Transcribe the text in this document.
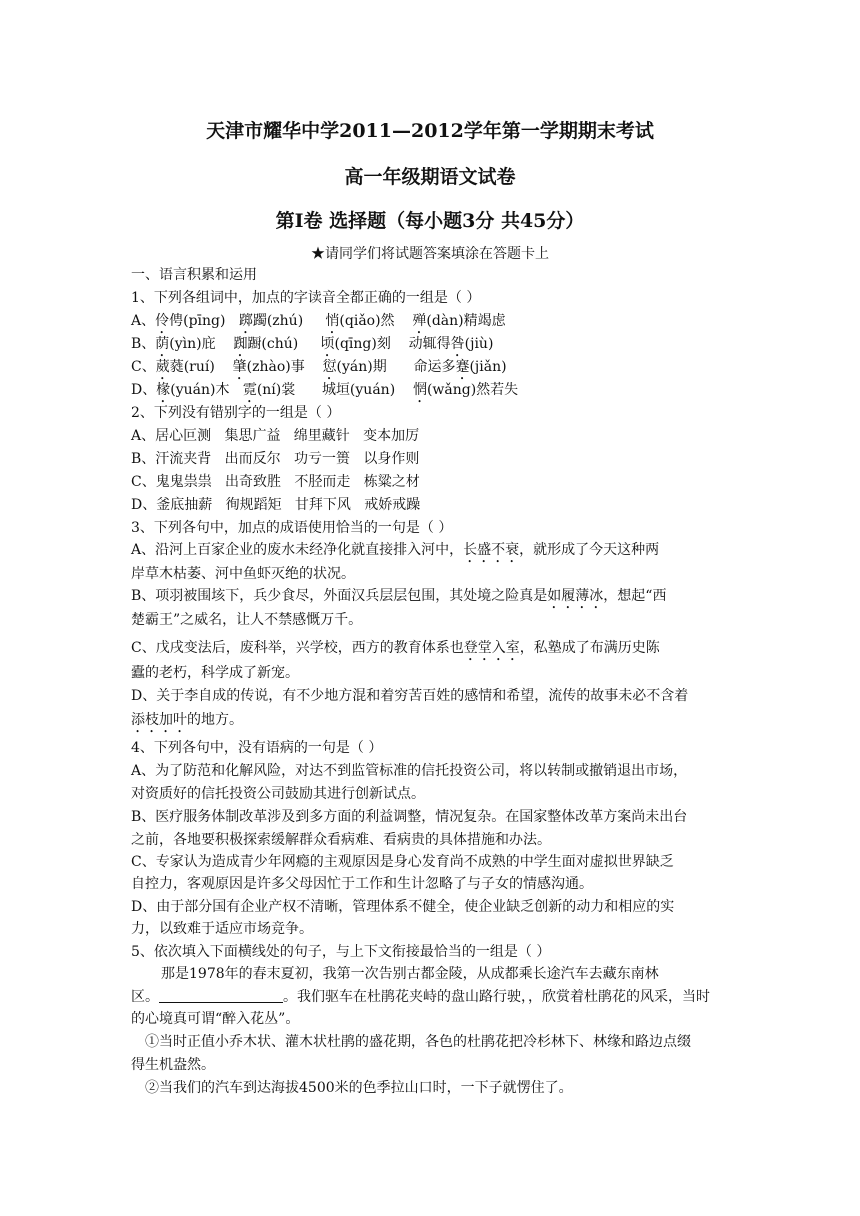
天津市耀华中学2011—2012学年第一学期期末考试
高一年级期语文试卷
第Ⅰ卷 选择题（每小题3分 共45分）
★请同学们将试题答案填涂在答题卡上
一、语言积累和运用
1、下列各组词中，加点的字读音全都正确的一组是（ ）
A、伶俜(pīng)   踯躅(zhú)     悄(qiǎo)然    殚(dàn)精竭虑
B、荫(yìn)庇    踟蹰(chú)     顷(qīng)刻    动辄得咎(jiù)
C、葳蕤(ruí)    肇(zhào)事    愆(yán)期      命运多蹇(jiǎn)
D、椽(yuán)木   霓(ní)裳      城垣(yuán)    惘(wǎng)然若失
2、下列没有错别字的一组是（ ）
A、居心叵测   集思广益   绵里藏针   变本加厉
B、汗流夹背   出而反尔   功亏一篑   以身作则
C、鬼鬼祟祟   出奇致胜   不胫而走   栋粱之材
D、釜底抽薪   徇规蹈矩   甘拜下风   戒娇戒躁
3、下列各句中，加点的成语使用恰当的一句是（ ）
A、沿河上百家企业的废水未经净化就直接排入河中，长盛不衰，就形成了今天这种两
岸草木枯萎、河中鱼虾灭绝的状况。
B、项羽被围垓下，兵少食尽，外面汉兵层层包围，其处境之险真是如履薄冰，想起“西
楚霸王”之威名，让人不禁感慨万千。
C、戊戌变法后，废科举，兴学校，西方的教育体系也登堂入室，私塾成了布满历史陈
蠹的老朽，科学成了新宠。
D、关于李自成的传说，有不少地方混和着穷苦百姓的感情和希望，流传的故事未必不含着
添枝加叶的地方。
4、下列各句中，没有语病的一句是（ ）
A、为了防范和化解风险，对达不到监管标准的信托投资公司，将以转制或撤销退出市场，
对资质好的信托投资公司鼓励其进行创新试点。
B、医疗服务体制改革涉及到多方面的利益调整，情况复杂。在国家整体改革方案尚未出台
之前，各地要积极探索缓解群众看病难、看病贵的具体措施和办法。
C、专家认为造成青少年网瘾的主观原因是身心发育尚不成熟的中学生面对虚拟世界缺乏
自控力，客观原因是许多父母因忙于工作和生计忽略了与子女的情感沟通。
D、由于部分国有企业产权不清晰，管理体系不健全，使企业缺乏创新的动力和相应的实
力，以致难于适应市场竞争。
5、依次填入下面横线处的句子，与上下文衔接最恰当的一组是（ ）
那是1978年的春末夏初，我第一次告别古都金陵，从成都乘长途汽车去藏东南林
区。	。我们驱车在杜鹃花夹峙的盘山路行驶，，欣赏着杜鹃花的风采，当时
的心境真可谓“醉入花丛”。
①当时正值小乔木状、灌木状杜鹃的盛花期，各色的杜鹃花把冷杉林下、林缘和路边点缀
得生机盎然。
②当我们的汽车到达海拔4500米的色季拉山口时，一下子就愣住了。
